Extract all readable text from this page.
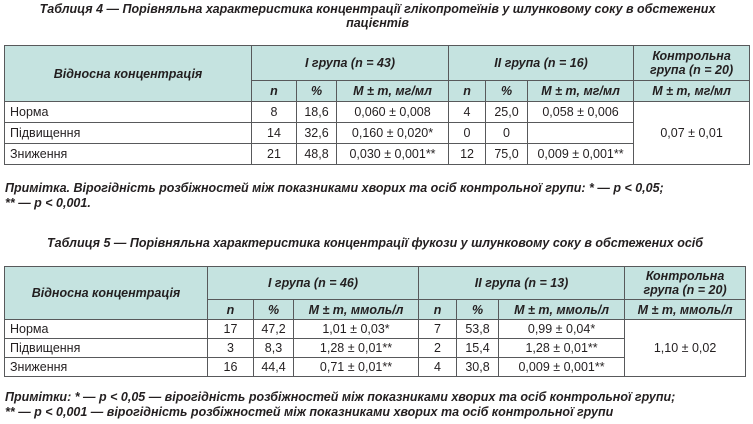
Таблиця 4 — Порівняльна характеристика концентрації глікопротеїнів у шлунковому соку в обстежених
пацієнтів
Відносна концентрація	I група (n = 43)			II група (n = 16)			Контрольна
група (n = 20)

	n	%	M ± m, мг/мл	n	%	M ± m, мг/мл	M ± m, мг/мл
Норма	8	18,6	0,060 ± 0,008	4	25,0	0,058 ± 0,006	0,07 ± 0,01
Підвищення	14	32,6	0,160 ± 0,020*	0	0		
Зниження	21	48,8	0,030 ± 0,001**	12	75,0	0,009 ± 0,001**	
Примітка. Вірогідність розбіжностей між показниками хворих та осіб контрольної групи: * — p < 0,05;
** — p < 0,001.
Таблиця 5 — Порівняльна характеристика концентрації фукози у шлунковому соку в обстежених осіб
Відносна концентрація	I група (n = 46)			II група (n = 13)			Контрольна
група (n = 20)

	n	%	M ± m, ммоль/л	n	%	M ± m, ммоль/л	M ± m, ммоль/л
Норма	17	47,2	1,01 ± 0,03*	7	53,8	0,99 ± 0,04*	1,10 ± 0,02
Підвищення	3	8,3	1,28 ± 0,01**	2	15,4	1,28 ± 0,01**	
Зниження	16	44,4	0,71 ± 0,01**	4	30,8	0,009 ± 0,001**	
Примітки: * — p < 0,05 — вірогідність розбіжностей між показниками хворих та осіб контрольної групи;
** — p < 0,001 — вірогідність розбіжностей між показниками хворих та осіб контрольної групи
